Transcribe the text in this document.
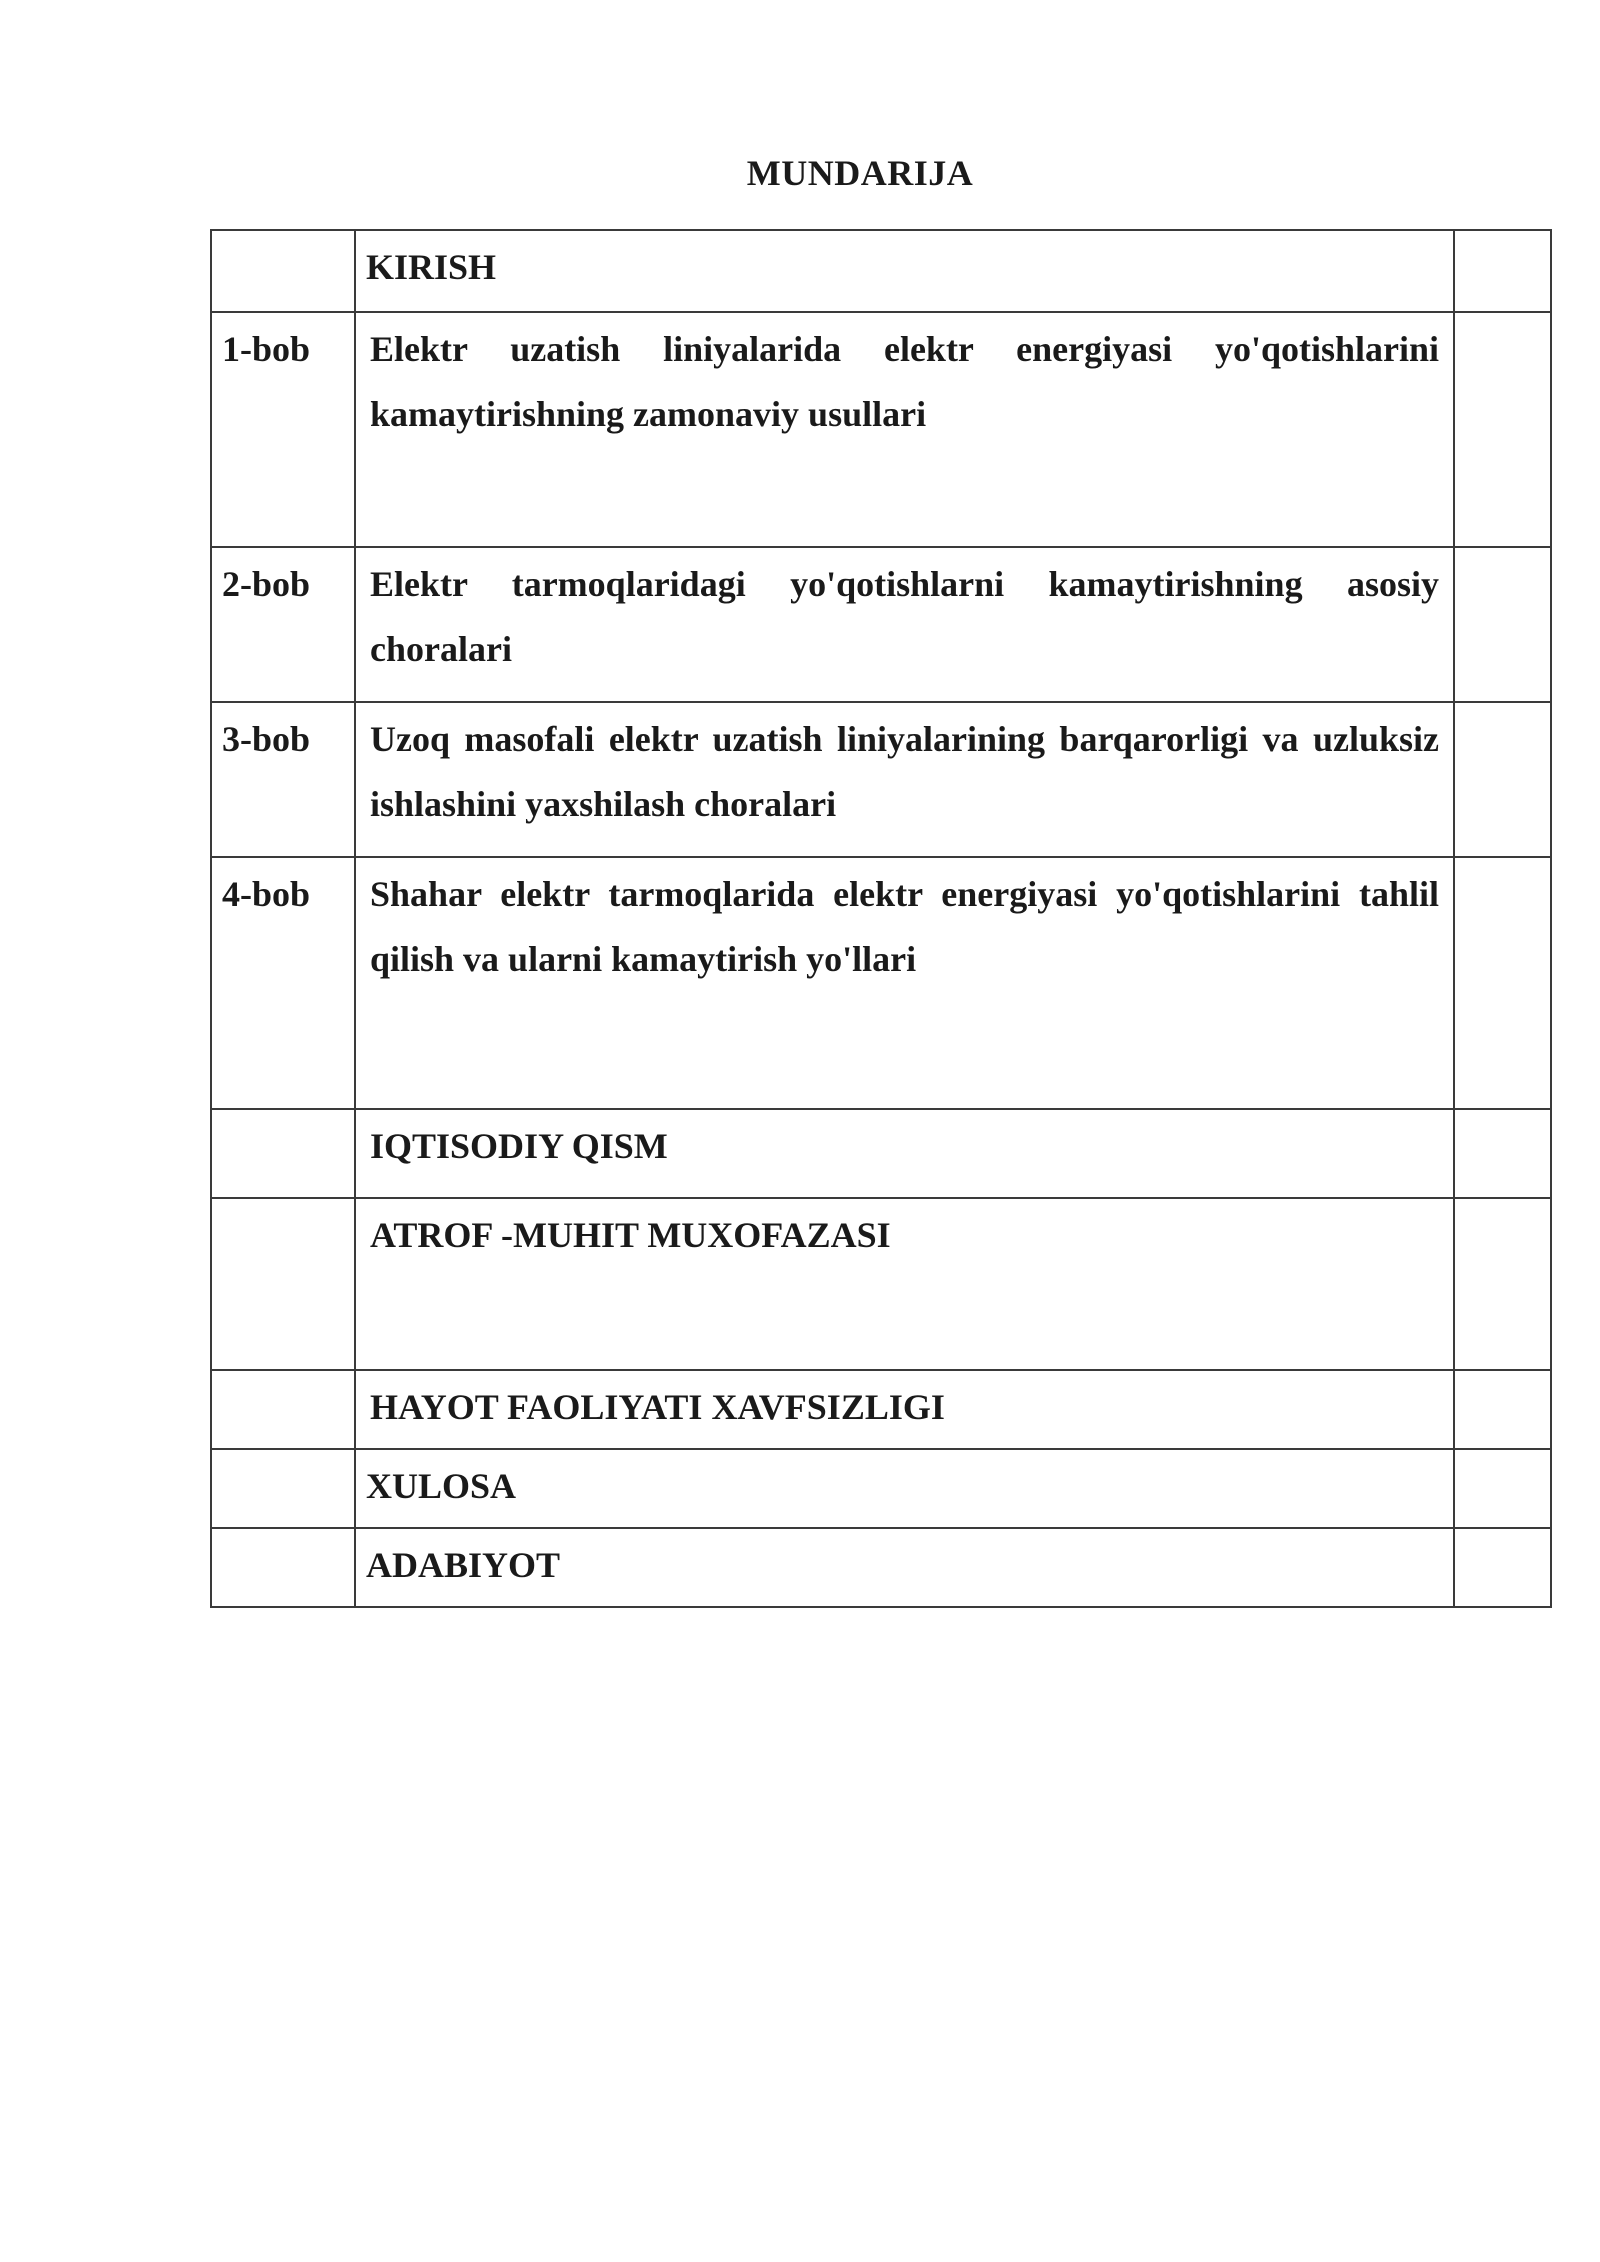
MUNDARIJA

	KIRISH	

1-bob	Elektr uzatish liniyalarida elektr energiyasi yo'qotishlarini kamaytirishning zamonaviy usullari	

2-bob	Elektr tarmoqlaridagi yo'qotishlarni kamaytirishning asosiy choralari	

3-bob	Uzoq masofali elektr uzatish liniyalarining barqarorligi va uzluksiz ishlashini yaxshilash choralari	

4-bob	Shahar elektr tarmoqlarida elektr energiyasi yo'qotishlarini tahlil qilish va ularni kamaytirish yo'llari	

	IQTISODIY QISM	

	ATROF -MUHIT MUXOFAZASI	

	HAYOT FAOLIYATI XAVFSIZLIGI	

	XULOSA	

	ADABIYOT	
